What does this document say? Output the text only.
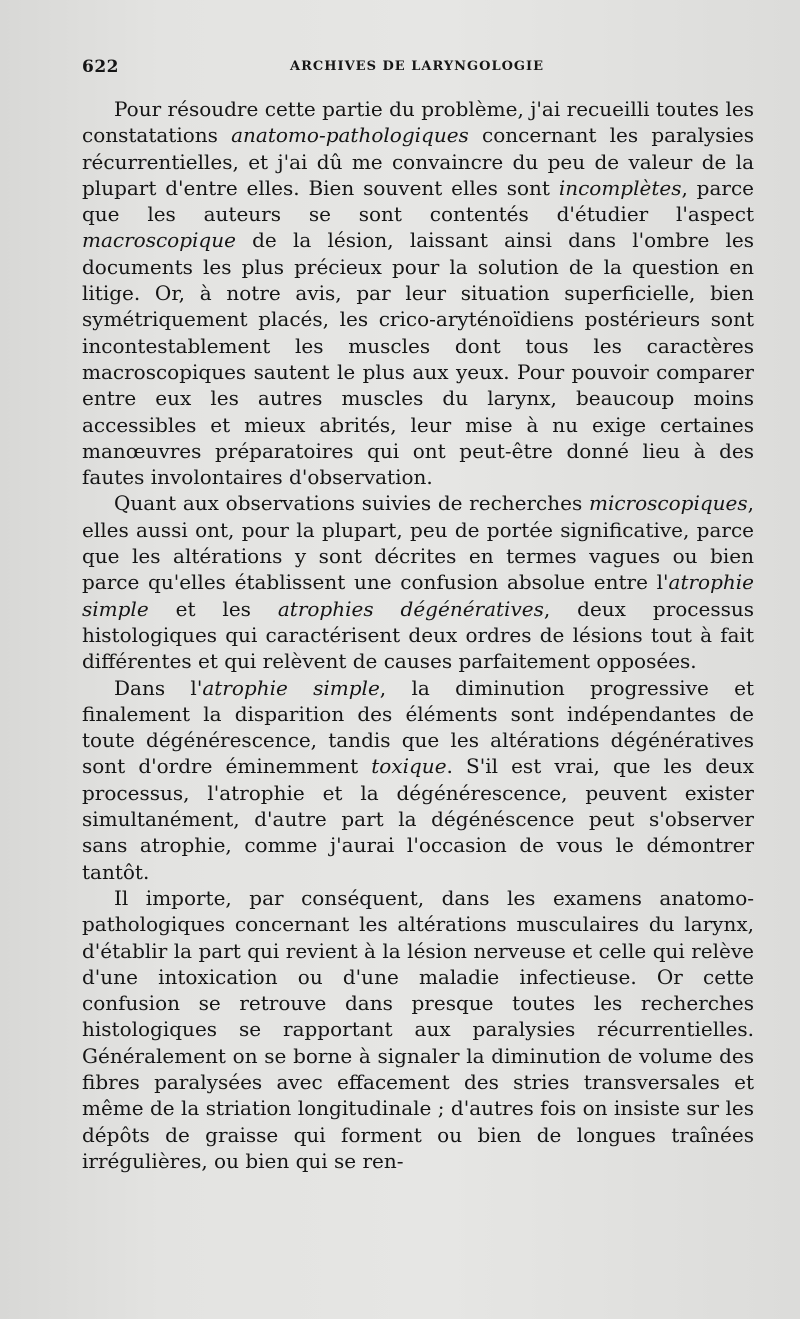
622	ARCHIVES DE LARYNGOLOGIE

Pour résoudre cette partie du problème, j'ai recueilli toutes les constatations anatomo-pathologiques concernant les paralysies récurrentielles, et j'ai dû me convaincre du peu de valeur de la plupart d'entre elles. Bien souvent elles sont incomplètes, parce que les auteurs se sont contentés d'étudier l'aspect macroscopique de la lésion, laissant ainsi dans l'ombre les documents les plus précieux pour la solution de la question en litige. Or, à notre avis, par leur situation superficielle, bien symétriquement placés, les crico-aryténoïdiens postérieurs sont incontestablement les muscles dont tous les caractères macroscopiques sautent le plus aux yeux. Pour pouvoir comparer entre eux les autres muscles du larynx, beaucoup moins accessibles et mieux abrités, leur mise à nu exige certaines manœuvres préparatoires qui ont peut-être donné lieu à des fautes involontaires d'observation.

Quant aux observations suivies de recherches microscopiques, elles aussi ont, pour la plupart, peu de portée significative, parce que les altérations y sont décrites en termes vagues ou bien parce qu'elles établissent une confusion absolue entre l'atrophie simple et les atrophies dégénératives, deux processus histologiques qui caractérisent deux ordres de lésions tout à fait différentes et qui relèvent de causes parfaitement opposées.

Dans l'atrophie simple, la diminution progressive et finalement la disparition des éléments sont indépendantes de toute dégénérescence, tandis que les altérations dégénératives sont d'ordre éminemment toxique. S'il est vrai, que les deux processus, l'atrophie et la dégénérescence, peuvent exister simultanément, d'autre part la dégénéscence peut s'observer sans atrophie, comme j'aurai l'occasion de vous le démontrer tantôt.

Il importe, par conséquent, dans les examens anatomo-pathologiques concernant les altérations musculaires du larynx, d'établir la part qui revient à la lésion nerveuse et celle qui relève d'une intoxication ou d'une maladie infectieuse. Or cette confusion se retrouve dans presque toutes les recherches histologiques se rapportant aux paralysies récurrentielles. Généralement on se borne à signaler la diminution de volume des fibres paralysées avec effacement des stries transversales et même de la striation longitudinale ; d'autres fois on insiste sur les dépôts de graisse qui forment ou bien de longues traînées irrégulières, ou bien qui se ren-
